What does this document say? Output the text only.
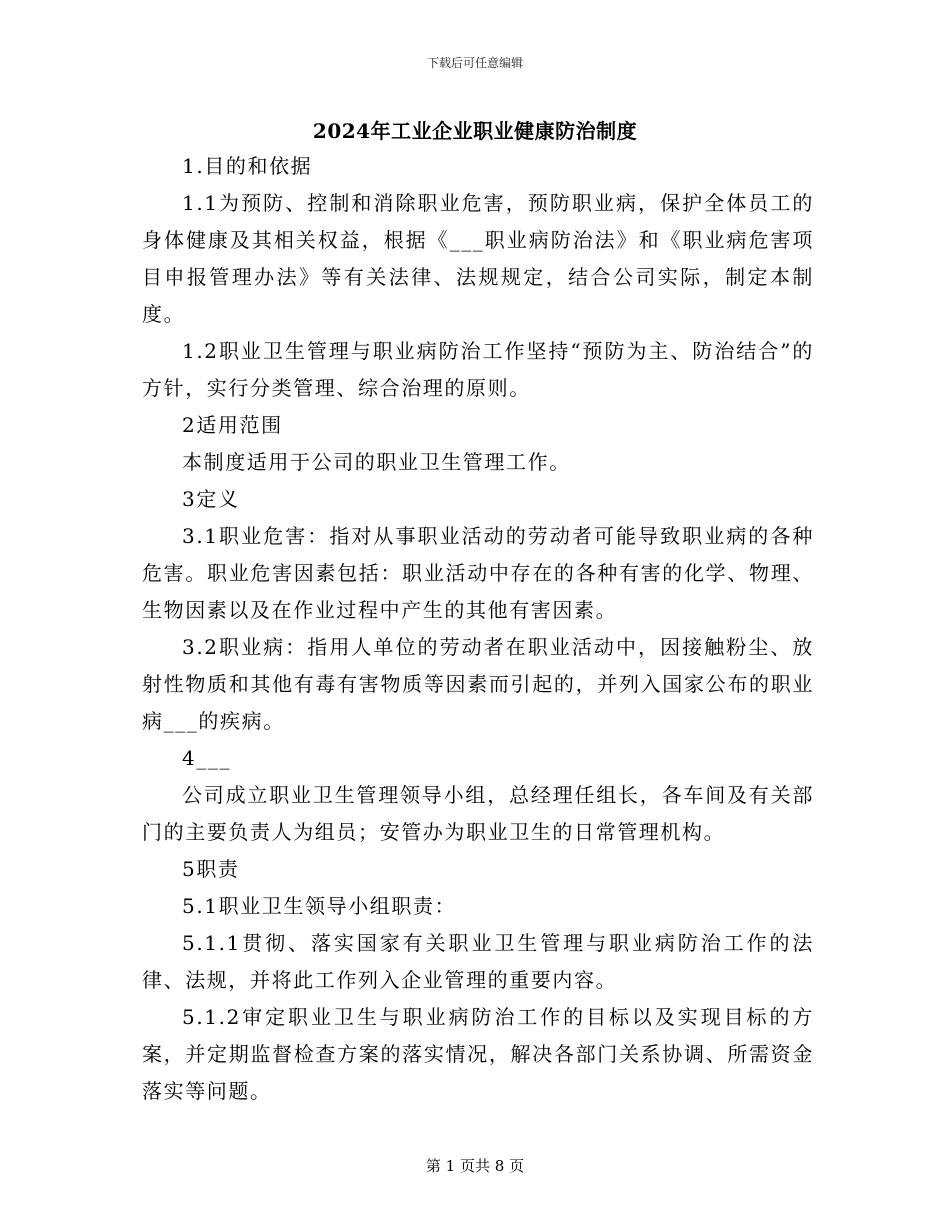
下载后可任意编辑
2024年工业企业职业健康防治制度

1.目的和依据

1.1为预防、控制和消除职业危害，预防职业病，保护全体员工的身体健康及其相关权益，根据《___职业病防治法》和《职业病危害项目申报管理办法》等有关法律、法规规定，结合公司实际，制定本制度。

1.2职业卫生管理与职业病防治工作坚持“预防为主、防治结合”的方针，实行分类管理、综合治理的原则。

2适用范围

本制度适用于公司的职业卫生管理工作。

3定义

3.1职业危害：指对从事职业活动的劳动者可能导致职业病的各种危害。职业危害因素包括：职业活动中存在的各种有害的化学、物理、生物因素以及在作业过程中产生的其他有害因素。

3.2职业病：指用人单位的劳动者在职业活动中，因接触粉尘、放射性物质和其他有毒有害物质等因素而引起的，并列入国家公布的职业病___的疾病。

4___

公司成立职业卫生管理领导小组，总经理任组长，各车间及有关部门的主要负责人为组员；安管办为职业卫生的日常管理机构。

5职责

5.1职业卫生领导小组职责：

5.1.1贯彻、落实国家有关职业卫生管理与职业病防治工作的法律、法规，并将此工作列入企业管理的重要内容。

5.1.2审定职业卫生与职业病防治工作的目标以及实现目标的方案，并定期监督检查方案的落实情况，解决各部门关系协调、所需资金落实等问题。

第 1 页共 8 页
